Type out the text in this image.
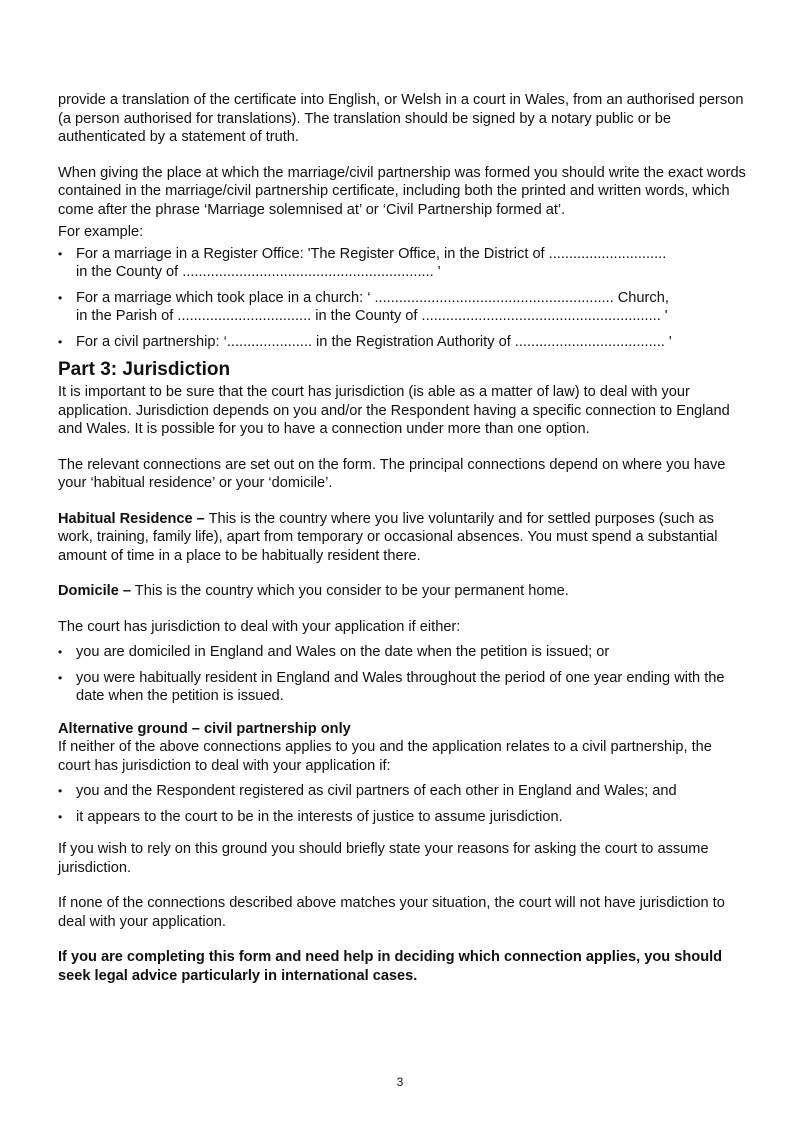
provide a translation of the certificate into English, or Welsh in a court in Wales, from an authorised person (a person authorised for translations). The translation should be signed by a notary public or be authenticated by a statement of truth.

When giving the place at which the marriage/civil partnership was formed you should write the exact words contained in the marriage/civil partnership certificate, including both the printed and written words, which come after the phrase ‘Marriage solemnised at’ or ‘Civil Partnership formed at’.

For example:

• For a marriage in a Register Office: 'The Register Office, in the District of .............................
in the County of .............................................................. '
• For a marriage which took place in a church: ‘ ........................................................... Church,
in the Parish of ................................. in the County of ........................................................... '
• For a civil partnership: ‘..................... in the Registration Authority of ..................................... '
Part 3: Jurisdiction

It is important to be sure that the court has jurisdiction (is able as a matter of law) to deal with your application. Jurisdiction depends on you and/or the Respondent having a specific connection to England and Wales. It is possible for you to have a connection under more than one option.

The relevant connections are set out on the form. The principal connections depend on where you have your ‘habitual residence’ or your ‘domicile’.

Habitual Residence – This is the country where you live voluntarily and for settled purposes (such as work, training, family life), apart from temporary or occasional absences. You must spend a substantial amount of time in a place to be habitually resident there.

Domicile – This is the country which you consider to be your permanent home.

The court has jurisdiction to deal with your application if either:

• you are domiciled in England and Wales on the date when the petition is issued; or
• you were habitually resident in England and Wales throughout the period of one year ending with the date when the petition is issued.

Alternative ground – civil partnership only

If neither of the above connections applies to you and the application relates to a civil partnership, the court has jurisdiction to deal with your application if:

• you and the Respondent registered as civil partners of each other in England and Wales; and
• it appears to the court to be in the interests of justice to assume jurisdiction.

If you wish to rely on this ground you should briefly state your reasons for asking the court to assume jurisdiction.

If none of the connections described above matches your situation, the court will not have jurisdiction to deal with your application.

If you are completing this form and need help in deciding which connection applies, you should seek legal advice particularly in international cases.

3
